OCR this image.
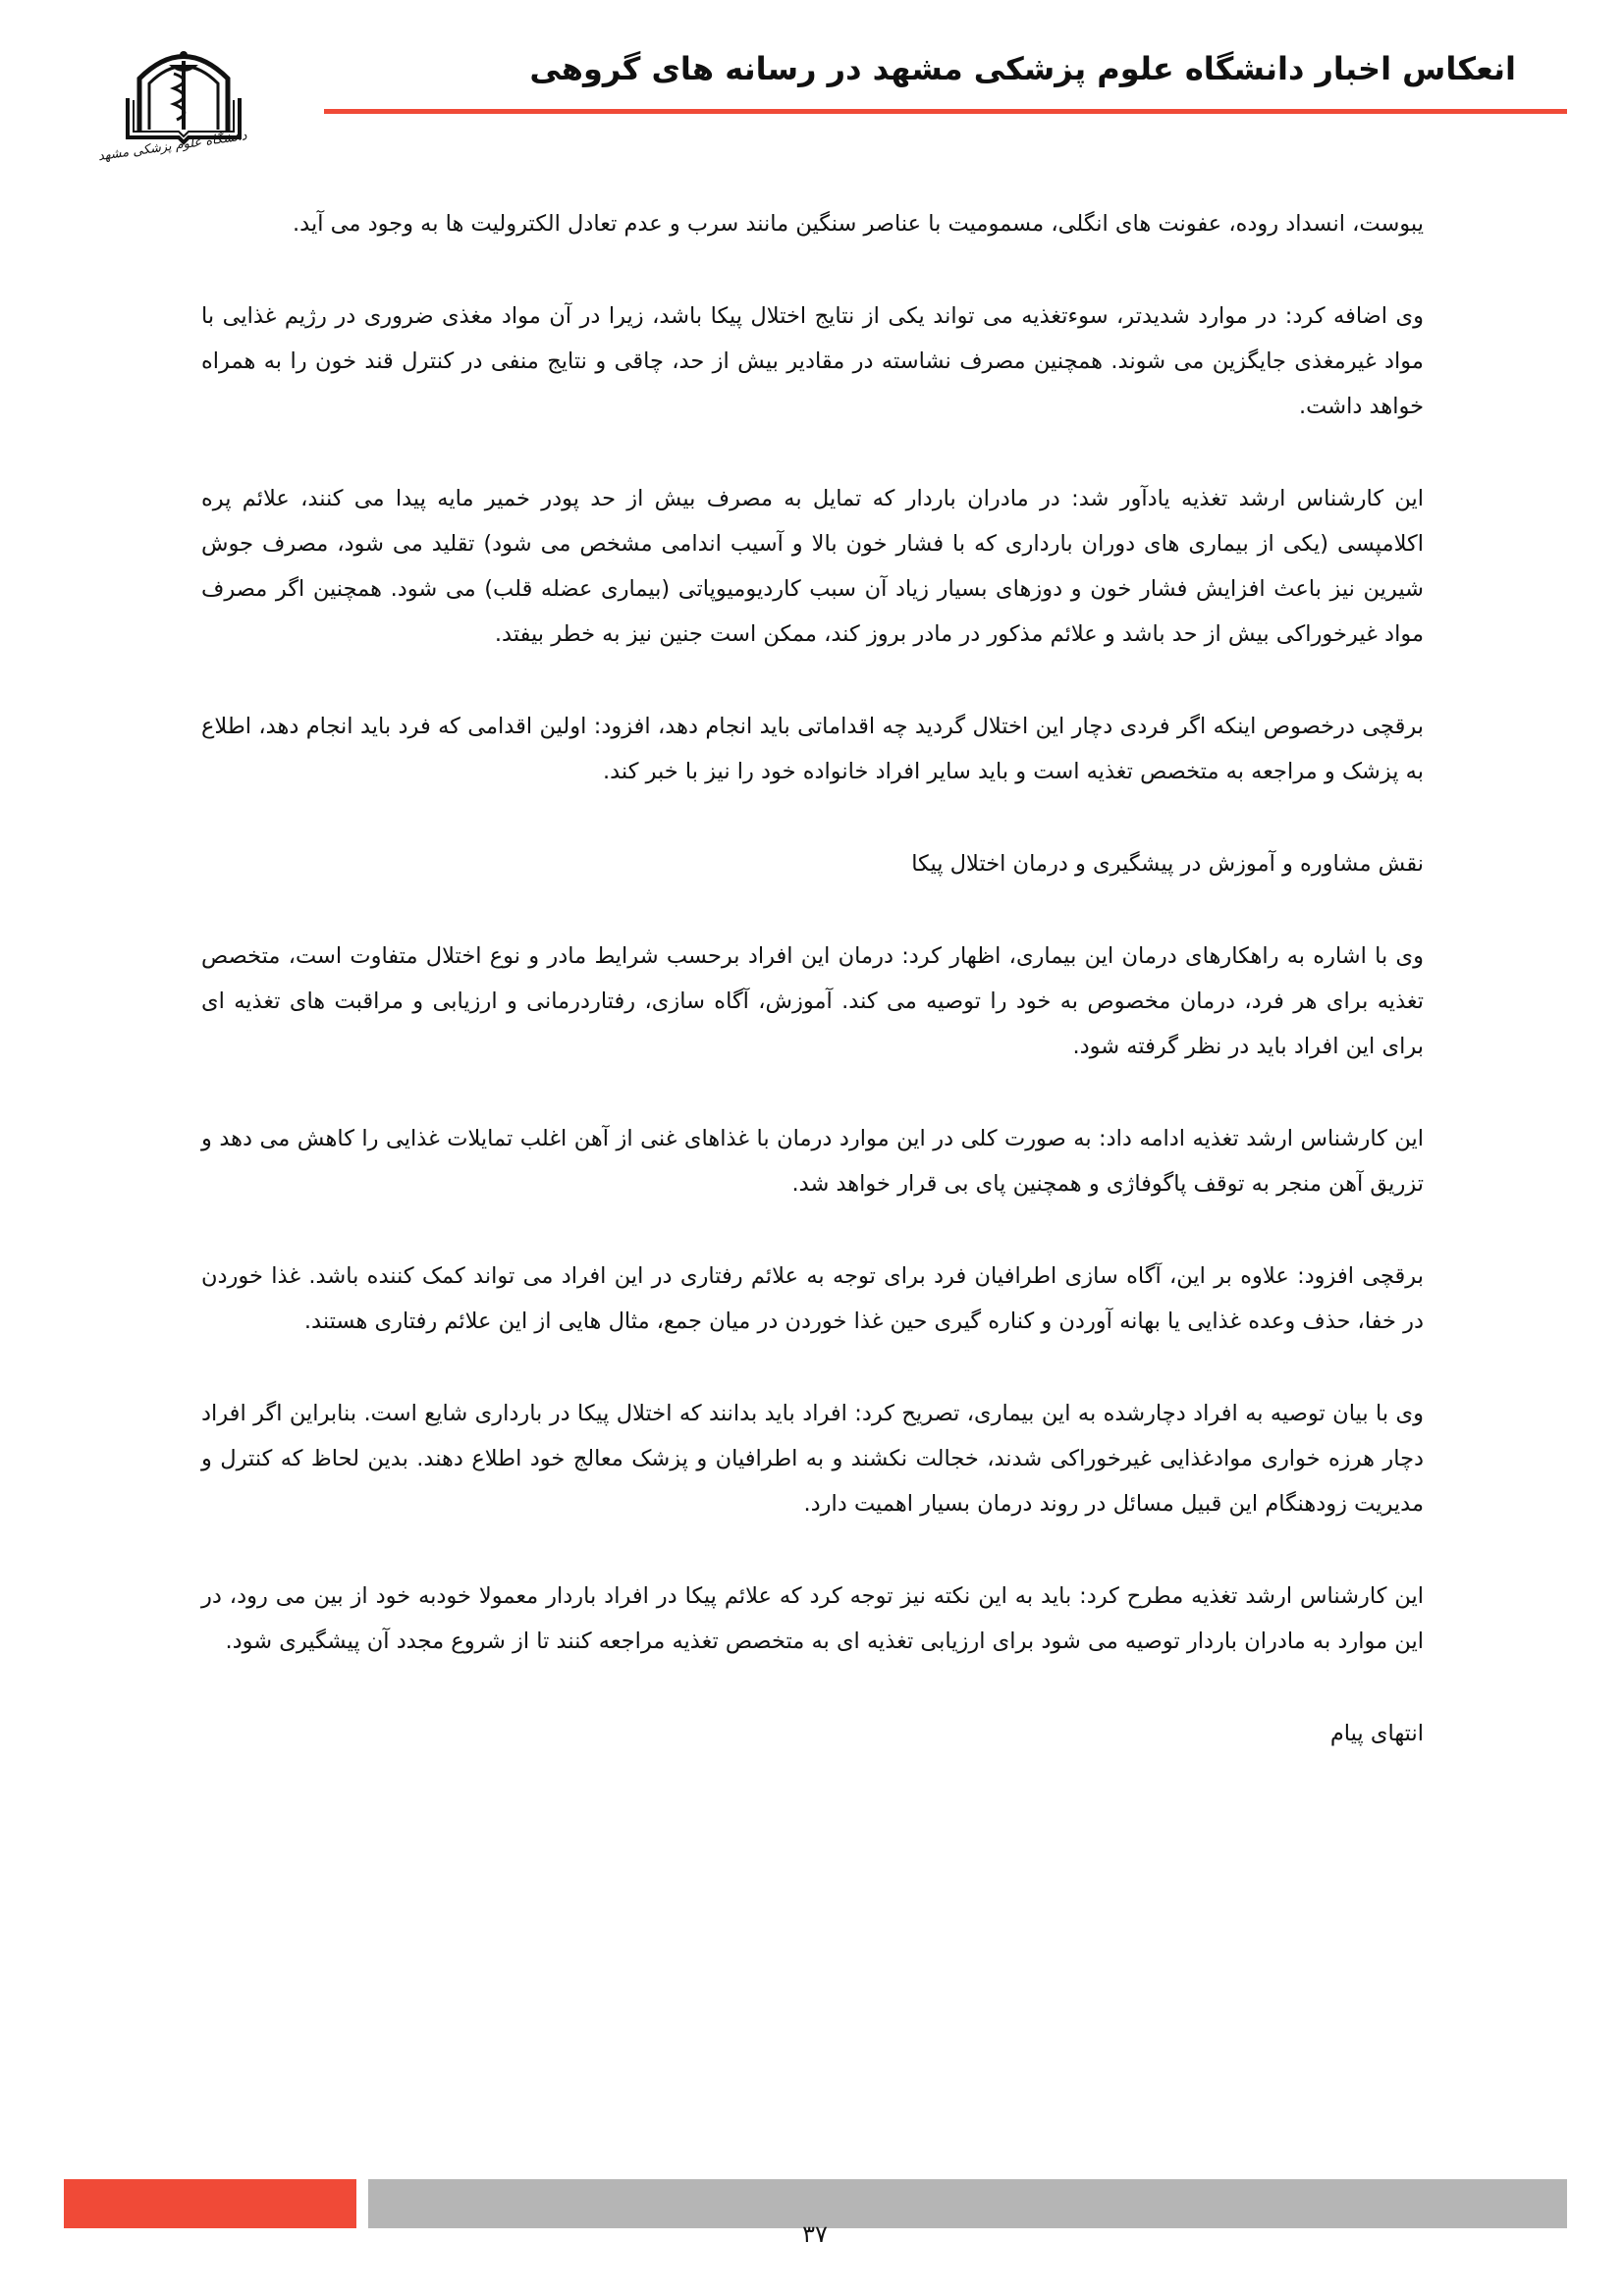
دانشگاه علوم پزشکی مشهد
انعکاس اخبار دانشگاه علوم پزشکی مشهد در رسانه های گروهی

یبوست، انسداد روده، عفونت های انگلی، مسمومیت با عناصر سنگین مانند سرب و عدم تعادل الکترولیت ها به وجود می آید.

وی اضافه کرد: در موارد شدیدتر، سوءتغذیه می تواند یکی از نتایج اختلال پیکا باشد، زیرا در آن مواد مغذی ضروری در رژیم غذایی با مواد غیرمغذی جایگزین می شوند. همچنین مصرف نشاسته در مقادیر بیش از حد، چاقی و نتایج منفی در کنترل قند خون را به همراه خواهد داشت.

این کارشناس ارشد تغذیه یادآور شد: در مادران باردار که تمایل به مصرف بیش از حد پودر خمیر مایه پیدا می کنند، علائم پره اکلامپسی (یکی از بیماری های دوران بارداری که با فشار خون بالا و آسیب اندامی مشخص می شود) تقلید می شود، مصرف جوش شیرین نیز باعث افزایش فشار خون و دوزهای بسیار زیاد آن سبب کاردیومیوپاتی (بیماری عضله قلب) می شود. همچنین اگر مصرف مواد غیرخوراکی بیش از حد باشد و علائم مذکور در مادر بروز کند، ممکن است جنین نیز به خطر بیفتد.

برقچی درخصوص اینکه اگر فردی دچار این اختلال گردید چه اقداماتی باید انجام دهد، افزود: اولین اقدامی که فرد باید انجام دهد، اطلاع به پزشک و مراجعه به متخصص تغذیه است و باید سایر افراد خانواده خود را نیز با خبر کند.

نقش مشاوره و آموزش در پیشگیری و درمان اختلال پیکا

وی با اشاره به راهکارهای درمان این بیماری، اظهار کرد: درمان این افراد برحسب شرایط مادر و نوع اختلال متفاوت است، متخصص تغذیه برای هر فرد، درمان مخصوص به خود را توصیه می کند. آموزش، آگاه سازی، رفتاردرمانی و ارزیابی و مراقبت های تغذیه ای برای این افراد باید در نظر گرفته شود.

این کارشناس ارشد تغذیه ادامه داد: به صورت کلی در این موارد درمان با غذاهای غنی از آهن اغلب تمایلات غذایی را کاهش می دهد و تزریق آهن منجر به توقف پاگوفاژی و همچنین پای بی قرار خواهد شد.

برقچی افزود: علاوه بر این، آگاه سازی اطرافیان فرد برای توجه به علائم رفتاری در این افراد می تواند کمک کننده باشد. غذا خوردن در خفا، حذف وعده غذایی یا بهانه آوردن و کناره گیری حین غذا خوردن در میان جمع، مثال هایی از این علائم رفتاری هستند.

وی با بیان توصیه به افراد دچارشده به این بیماری، تصریح کرد: افراد باید بدانند که اختلال پیکا در بارداری شایع است. بنابراین اگر افراد دچار هرزه خواری موادغذایی غیرخوراکی شدند، خجالت نکشند و به اطرافیان و پزشک معالج خود اطلاع دهند. بدین لحاظ که کنترل و مدیریت زودهنگام این قبیل مسائل در روند درمان بسیار اهمیت دارد.

این کارشناس ارشد تغذیه مطرح کرد: باید به این نکته نیز توجه کرد که علائم پیکا در افراد باردار معمولا خودبه خود از بین می رود، در این موارد به مادران باردار توصیه می شود برای ارزیابی تغذیه ای به متخصص تغذیه مراجعه کنند تا از شروع مجدد آن پیشگیری شود.

انتهای پیام

۳۷
